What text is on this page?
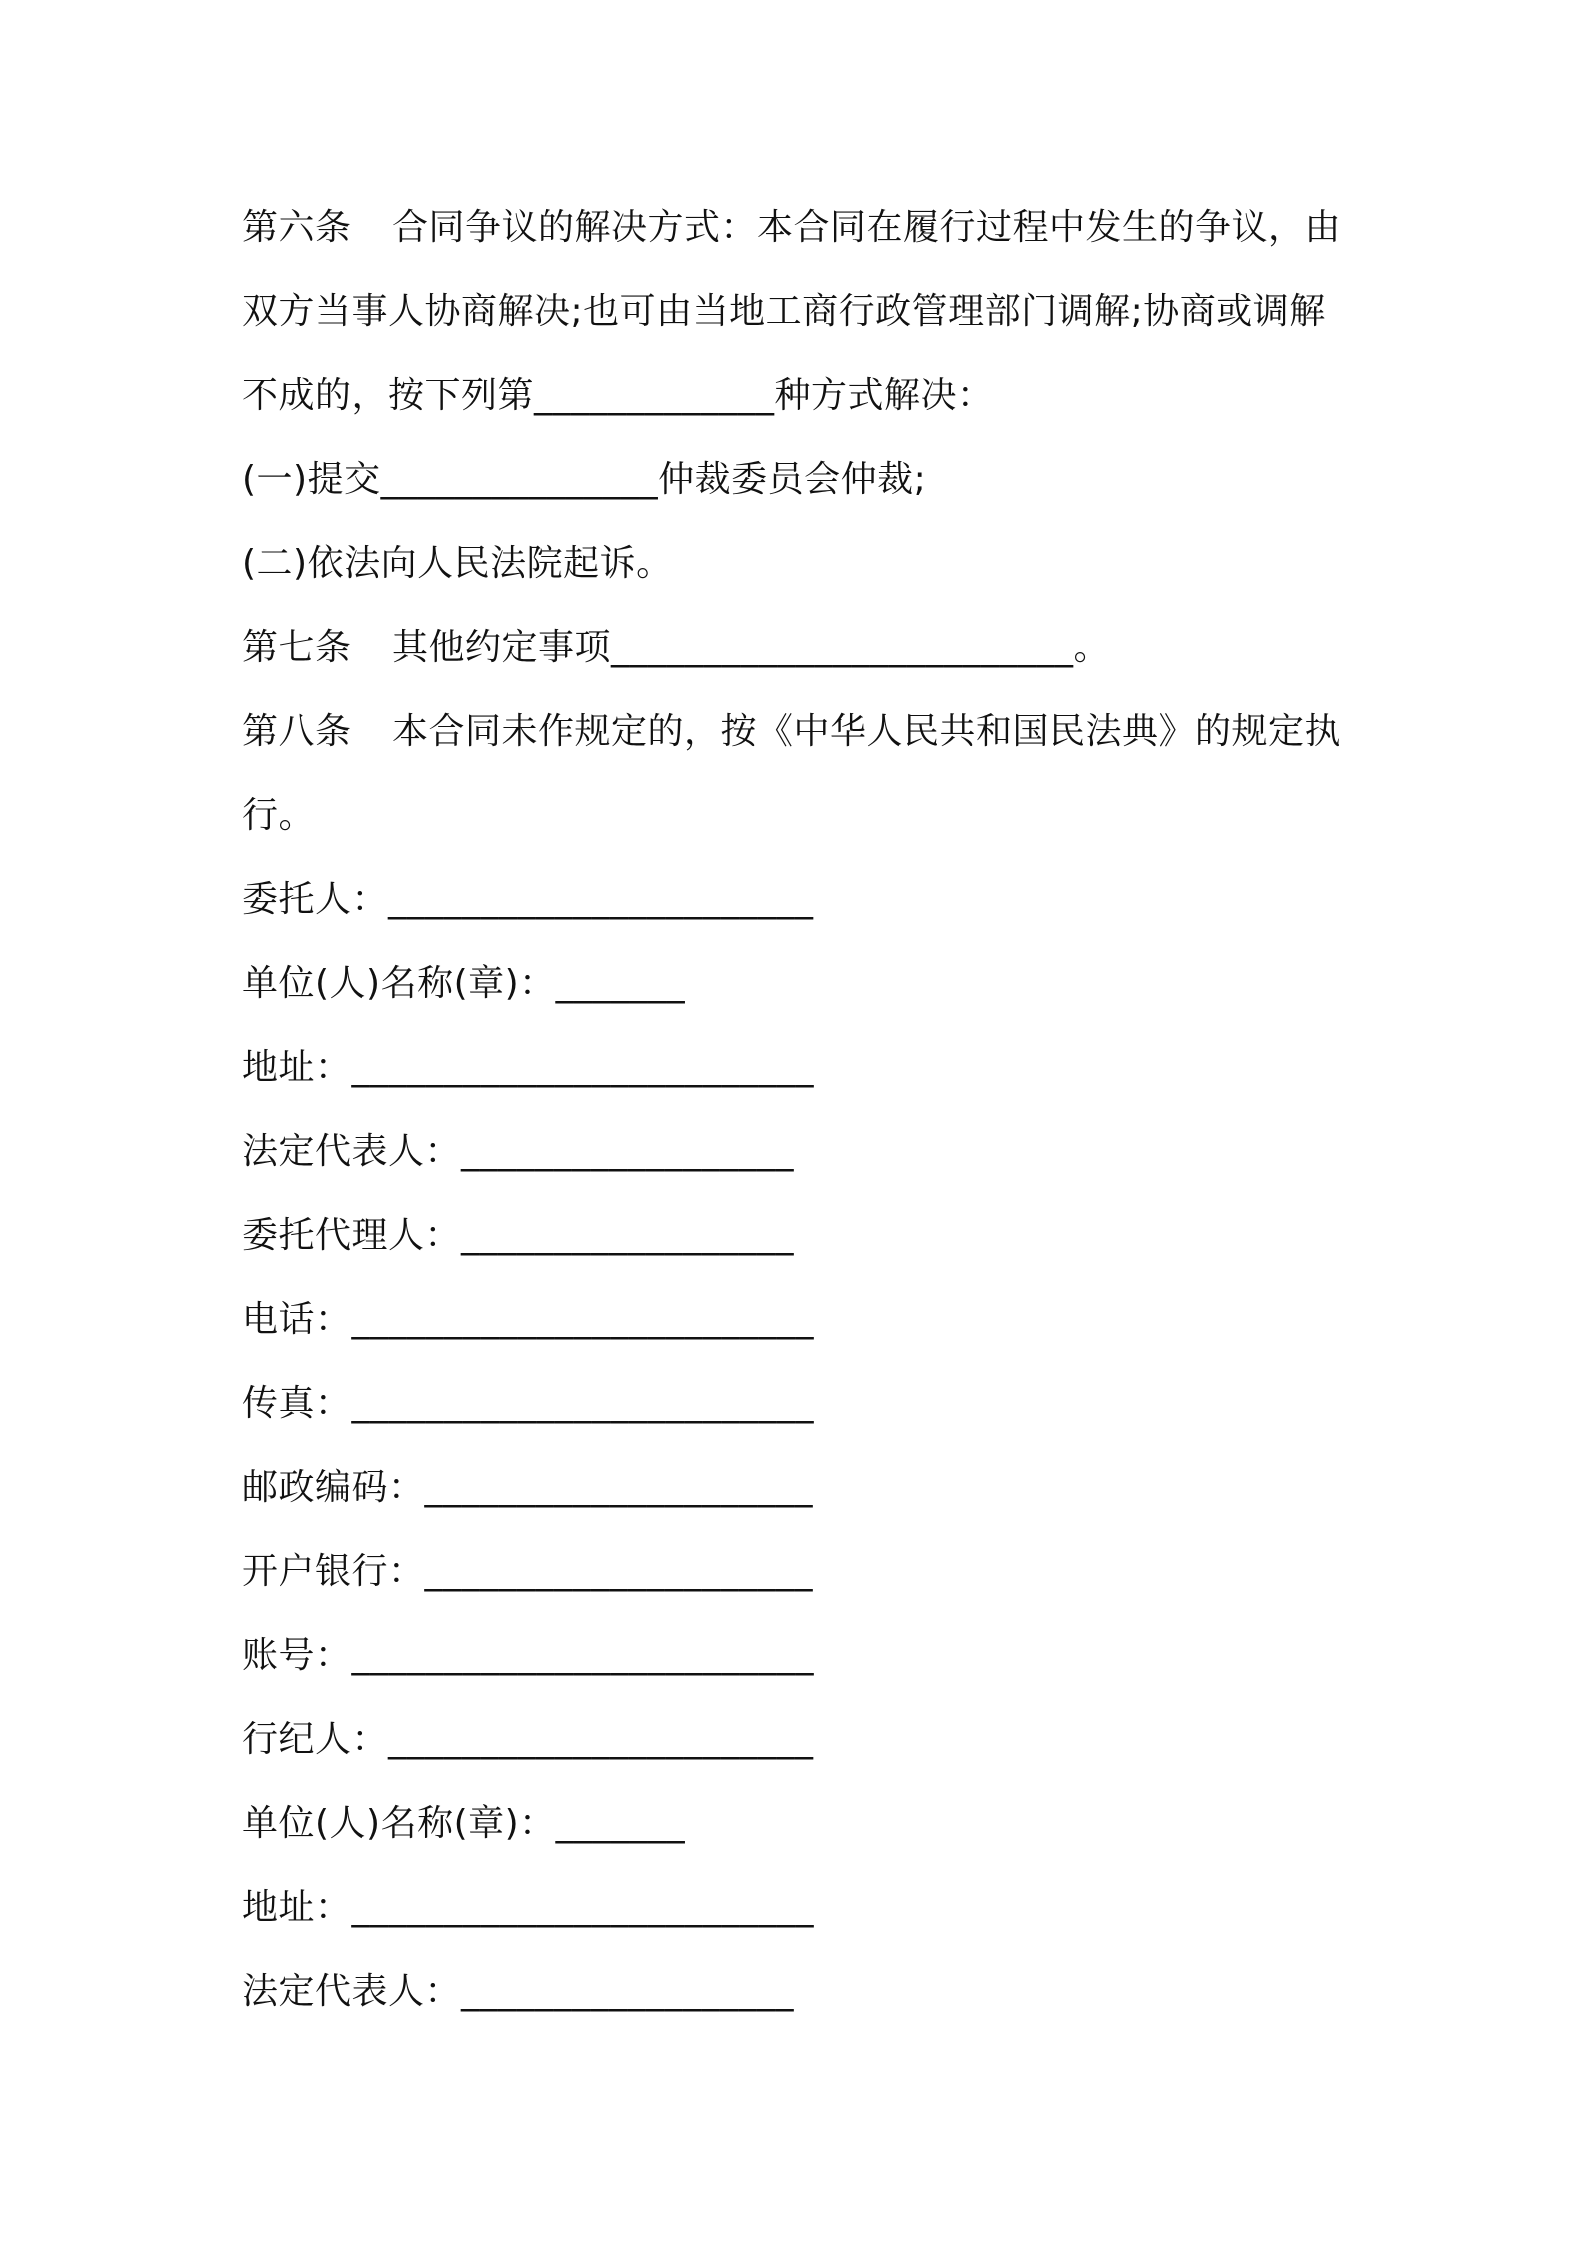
第六条 合同争议的解决方式：本合同在履行过程中发生的争议，由
双方当事人协商解决;也可由当地工商行政管理部门调解;协商或调解
不成的，按下列第_____________种方式解决：
(一)提交_______________仲裁委员会仲裁;
(二)依法向人民法院起诉。
第七条 其他约定事项_________________________。
第八条 本合同未作规定的，按《中华人民共和国民法典》的规定执
行。
委托人：_______________________
单位(人)名称(章)：_______
地址：_________________________
法定代表人：__________________
委托代理人：__________________
电话：_________________________
传真：_________________________
邮政编码：_____________________
开户银行：_____________________
账号：_________________________
行纪人：_______________________
单位(人)名称(章)：_______
地址：_________________________
法定代表人：__________________
